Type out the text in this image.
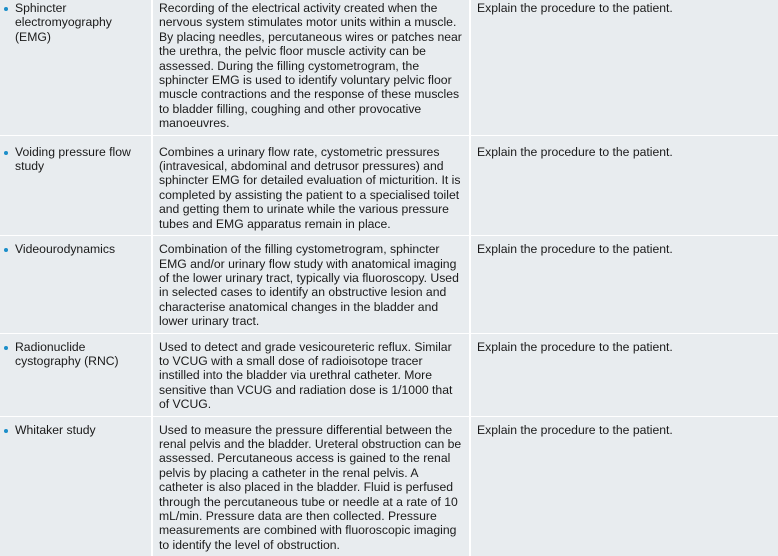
Sphincter electromyography (EMG)	Recording of the electrical activity created when the nervous system stimulates motor units within a muscle. By placing needles, percutaneous wires or patches near the urethra, the pelvic floor muscle activity can be assessed. During the filling cystometrogram, the sphincter EMG is used to identify voluntary pelvic floor muscle contractions and the response of these muscles to bladder filling, coughing and other provocative manoeuvres.	Explain the procedure to the patient.

Voiding pressure flow study	Combines a urinary flow rate, cystometric pressures (intravesical, abdominal and detrusor pressures) and sphincter EMG for detailed evaluation of micturition. It is completed by assisting the patient to a specialised toilet and getting them to urinate while the various pressure tubes and EMG apparatus remain in place.	Explain the procedure to the patient.

Videourodynamics	Combination of the filling cystometrogram, sphincter EMG and/or urinary flow study with anatomical imaging of the lower urinary tract, typically via fluoroscopy. Used in selected cases to identify an obstructive lesion and characterise anatomical changes in the bladder and lower urinary tract.	Explain the procedure to the patient.

Radionuclide cystography (RNC)	Used to detect and grade vesicoureteric reflux. Similar to VCUG with a small dose of radioisotope tracer instilled into the bladder via urethral catheter. More sensitive than VCUG and radiation dose is 1/1000 that of VCUG.	Explain the procedure to the patient.

Whitaker study	Used to measure the pressure differential between the renal pelvis and the bladder. Ureteral obstruction can be assessed. Percutaneous access is gained to the renal pelvis by placing a catheter in the renal pelvis. A catheter is also placed in the bladder. Fluid is perfused through the percutaneous tube or needle at a rate of 10 mL/min. Pressure data are then collected. Pressure measurements are combined with fluoroscopic imaging to identify the level of obstruction.	Explain the procedure to the patient.
